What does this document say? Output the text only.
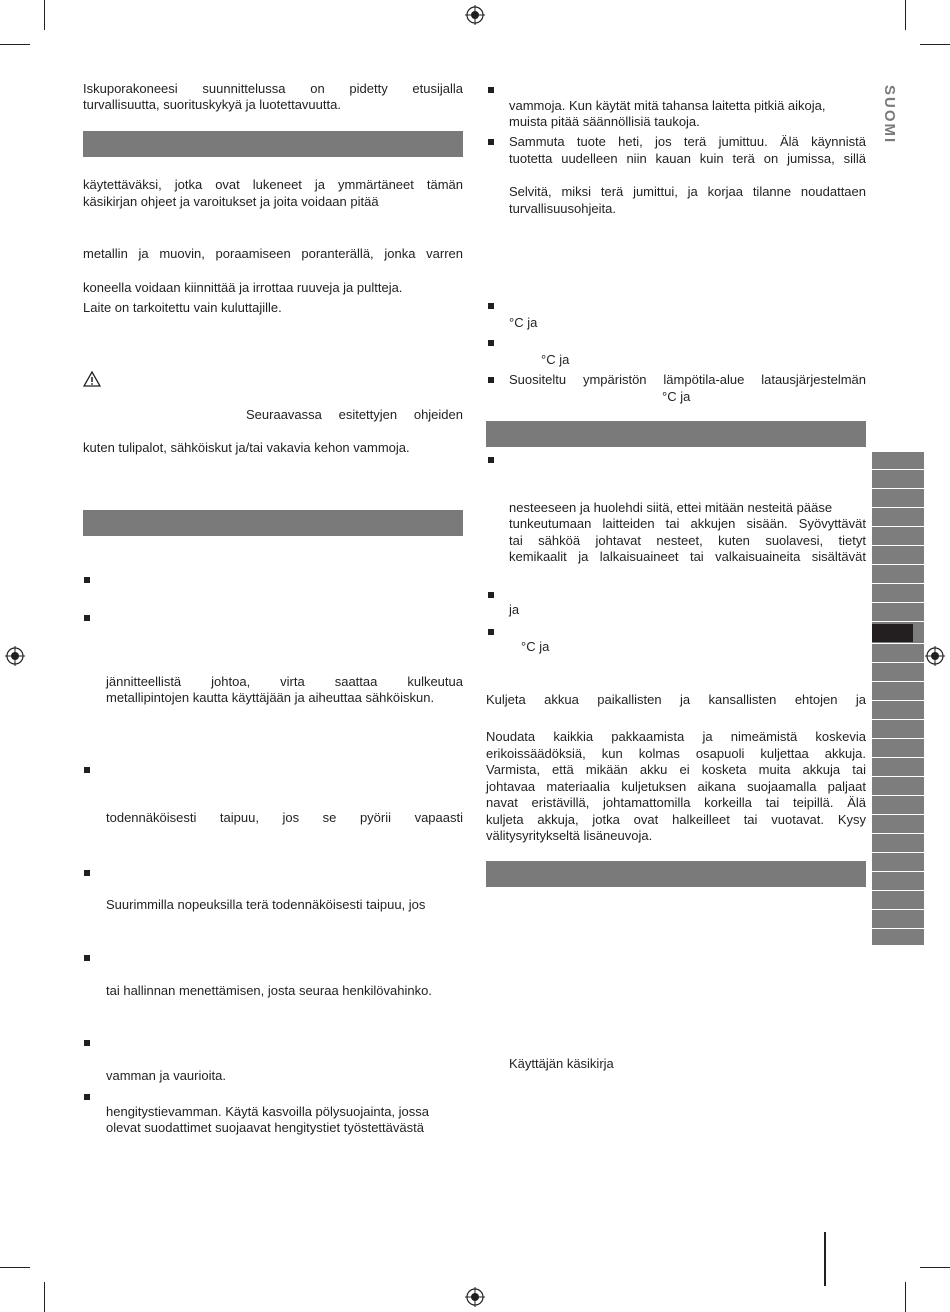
SUOMI
Iskuporakoneesi suunnittelussa on pidetty etusijalla
turvallisuutta, suorituskykyä ja luotettavuutta.
käytettäväksi, jotka ovat lukeneet ja ymmärtäneet tämän käsikirjan ohjeet ja varoitukset ja joita voidaan pitää
metallin ja muovin, poraamiseen poranterällä, jonka varren
koneella voidaan kiinnittää ja irrottaa ruuveja ja pultteja.
Laite on tarkoitettu vain kuluttajille.
Seuraavassa esitettyjen ohjeiden
kuten tulipalot, sähköiskut ja/tai vakavia kehon vammoja.
jännitteellistä johtoa, virta saattaa kulkeutua
metallipintojen kautta käyttäjään ja aiheuttaa sähköiskun.
todennäköisesti taipuu, jos se pyörii vapaasti
Suurimmilla nopeuksilla terä todennäköisesti taipuu, jos
tai hallinnan menettämisen, josta seuraa henkilövahinko.
vamman ja vaurioita.
hengitystievamman. Käytä kasvoilla pölysuojainta, jossa
olevat suodattimet suojaavat hengitystiet työstettävästä
vammoja. Kun käytät mitä tahansa laitetta pitkiä aikoja,
muista pitää säännöllisiä taukoja.
Sammuta tuote heti, jos terä jumittuu. Älä käynnistä
tuotetta uudelleen niin kauan kuin terä on jumissa, sillä
Selvitä, miksi terä jumittui, ja korjaa tilanne noudattaen
turvallisuusohjeita.
°C ja
°C ja
Suositeltu ympäristön lämpötila-alue latausjärjestelmän
°C ja
nesteeseen ja huolehdi siitä, ettei mitään nesteitä pääse
tunkeutumaan laitteiden tai akkujen sisään. Syövyttävät
tai sähköä johtavat nesteet, kuten suolavesi, tietyt
kemikaalit ja lalkaisuaineet tai valkaisuaineita sisältävät
ja
°C ja
Kuljeta akkua paikallisten ja kansallisten ehtojen ja
Noudata kaikkia pakkaamista ja nimeämistä koskevia
erikoissäädöksiä, kun kolmas osapuoli kuljettaa akkuja.
Varmista, että mikään akku ei kosketa muita akkuja tai
johtavaa materiaalia kuljetuksen aikana suojaamalla paljaat
navat eristävillä, johtamattomilla korkeilla tai teipillä. Älä
kuljeta akkuja, jotka ovat halkeilleet tai vuotavat. Kysy
välitysyritykseltä lisäneuvoja.
Käyttäjän käsikirja
